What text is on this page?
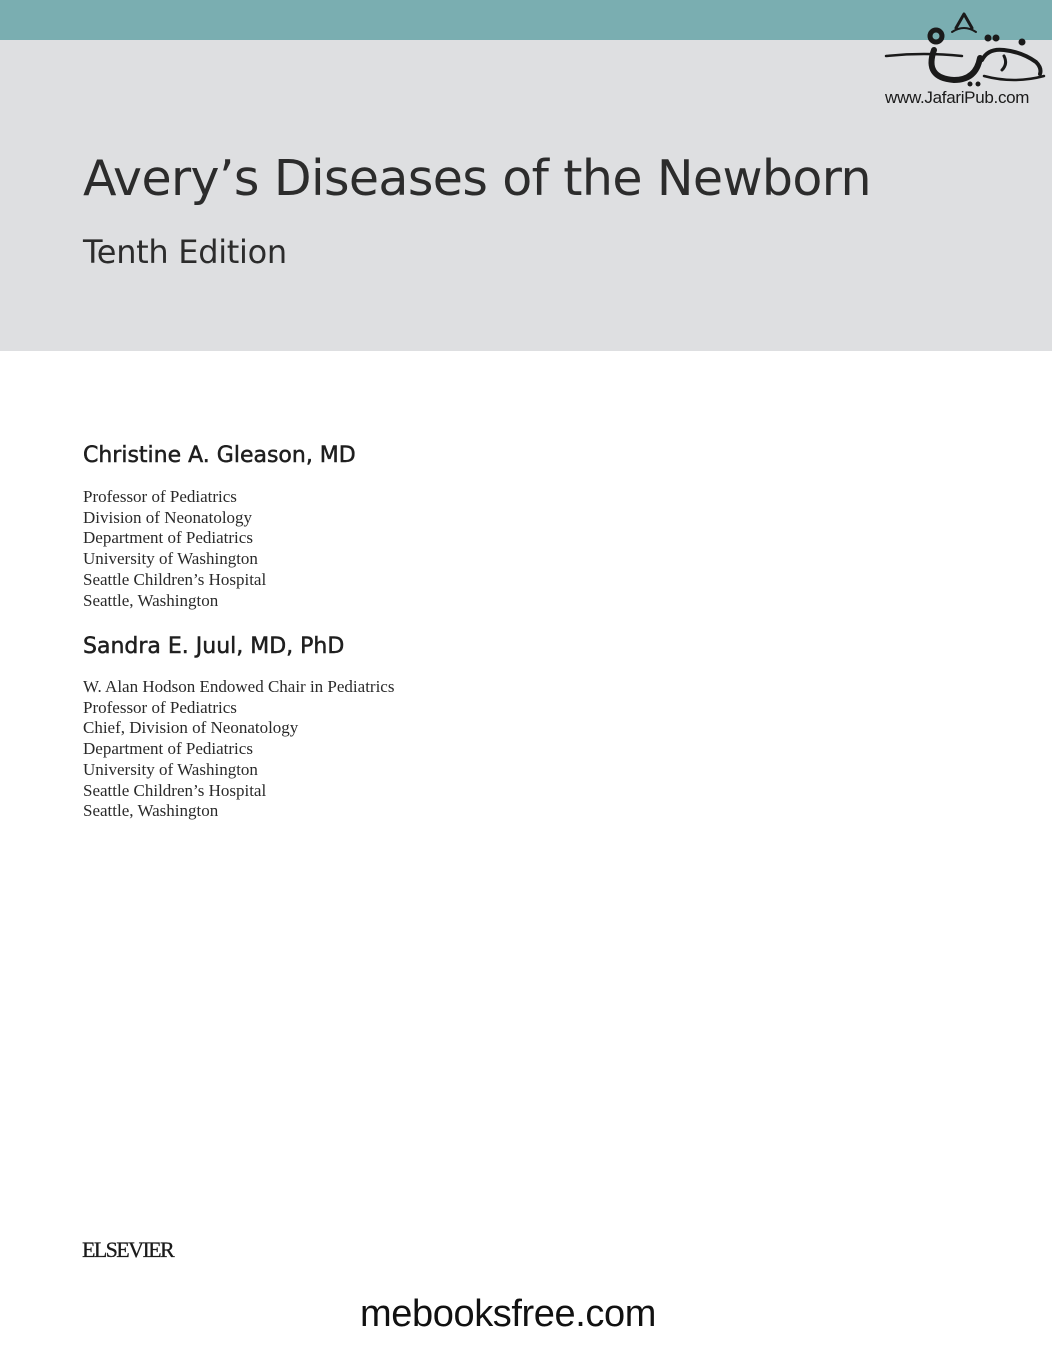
www.JafariPub.com
Avery’s Diseases of the Newborn
Tenth Edition
Christine A. Gleason, MD
Professor of Pediatrics
Division of Neonatology
Department of Pediatrics
University of Washington
Seattle Children’s Hospital
Seattle, Washington
Sandra E. Juul, MD, PhD
W. Alan Hodson Endowed Chair in Pediatrics
Professor of Pediatrics
Chief, Division of Neonatology
Department of Pediatrics
University of Washington
Seattle Children’s Hospital
Seattle, Washington
ELSEVIER
mebooksfree.com
